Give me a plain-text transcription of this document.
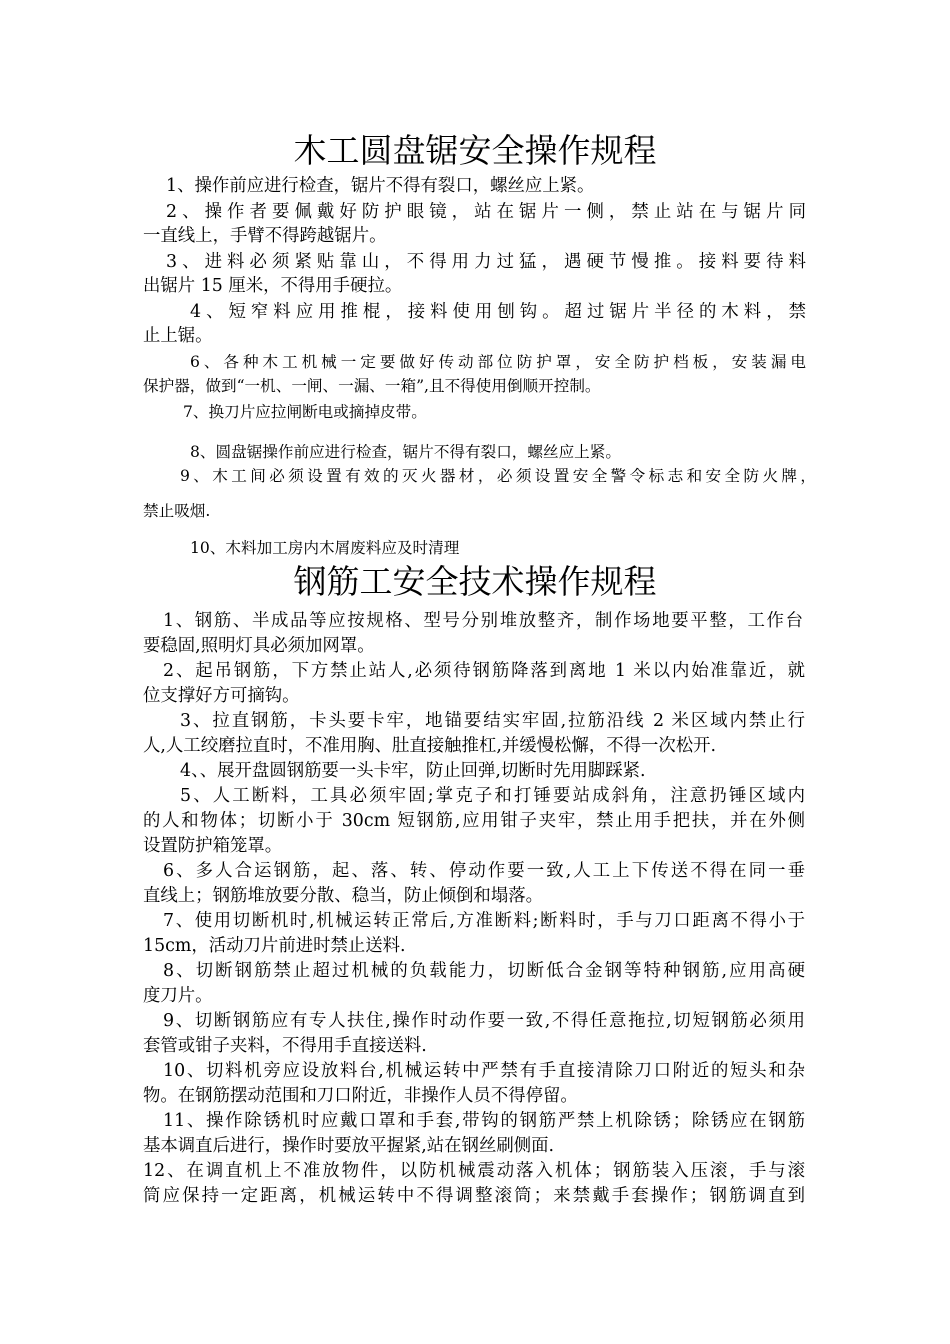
木工圆盘锯安全操作规程
1、操作前应进行检查，锯片不得有裂口，螺丝应上紧。
2、操作者要佩戴好防护眼镜，站在锯片一侧，禁止站在与锯片同
一直线上，手臂不得跨越锯片。
3、进料必须紧贴靠山，不得用力过猛，遇硬节慢推。接料要待料
出锯片 15 厘米，不得用手硬拉。
4、短窄料应用推棍，接料使用刨钩。超过锯片半径的木料，禁
止上锯。
6、各种木工机械一定要做好传动部位防护罩，安全防护档板，安装漏电
保护器，做到“一机、一闸、一漏、一箱”,且不得使用倒顺开控制。
7、换刀片应拉闸断电或摘掉皮带。
8、圆盘锯操作前应进行检查，锯片不得有裂口，螺丝应上紧。
9、木工间必须设置有效的灭火器材，必须设置安全警令标志和安全防火牌，
禁止吸烟.
10、木料加工房内木屑废料应及时清理
钢筋工安全技术操作规程
1、钢筋、半成品等应按规格、型号分别堆放整齐，制作场地要平整，工作台
要稳固,照明灯具必须加网罩。
2、起吊钢筋，下方禁止站人,必须待钢筋降落到离地 1 米以内始准靠近，就
位支撑好方可摘钩。
3、拉直钢筋，卡头要卡牢，地锚要结实牢固,拉筋沿线 2 米区域内禁止行
人,人工绞磨拉直时，不准用胸、肚直接触推杠,并缓慢松懈，不得一次松开.
4、、展开盘圆钢筋要一头卡牢，防止回弹,切断时先用脚踩紧.
5、人工断料，工具必须牢固;掌克子和打锤要站成斜角，注意扔锤区域内
的人和物体；切断小于 30cm 短钢筋,应用钳子夹牢，禁止用手把扶，并在外侧
设置防护箱笼罩。
6、多人合运钢筋，起、落、转、停动作要一致,人工上下传送不得在同一垂
直线上；钢筋堆放要分散、稳当，防止倾倒和塌落。
7、使用切断机时,机械运转正常后,方准断料;断料时，手与刀口距离不得小于
15cm，活动刀片前进时禁止送料.
8、切断钢筋禁止超过机械的负载能力，切断低合金钢等特种钢筋,应用高硬
度刀片。
9、切断钢筋应有专人扶住,操作时动作要一致,不得任意拖拉,切短钢筋必须用
套管或钳子夹料，不得用手直接送料.
10、切料机旁应设放料台,机械运转中严禁有手直接清除刀口附近的短头和杂
物。在钢筋摆动范围和刀口附近，非操作人员不得停留。
11、操作除锈机时应戴口罩和手套,带钩的钢筋严禁上机除锈；除锈应在钢筋
基本调直后进行，操作时要放平握紧,站在钢丝刷侧面.
12、在调直机上不准放物件，以防机械震动落入机体；钢筋装入压滚，手与滚
筒应保持一定距离，机械运转中不得调整滚筒；来禁戴手套操作；钢筋调直到
